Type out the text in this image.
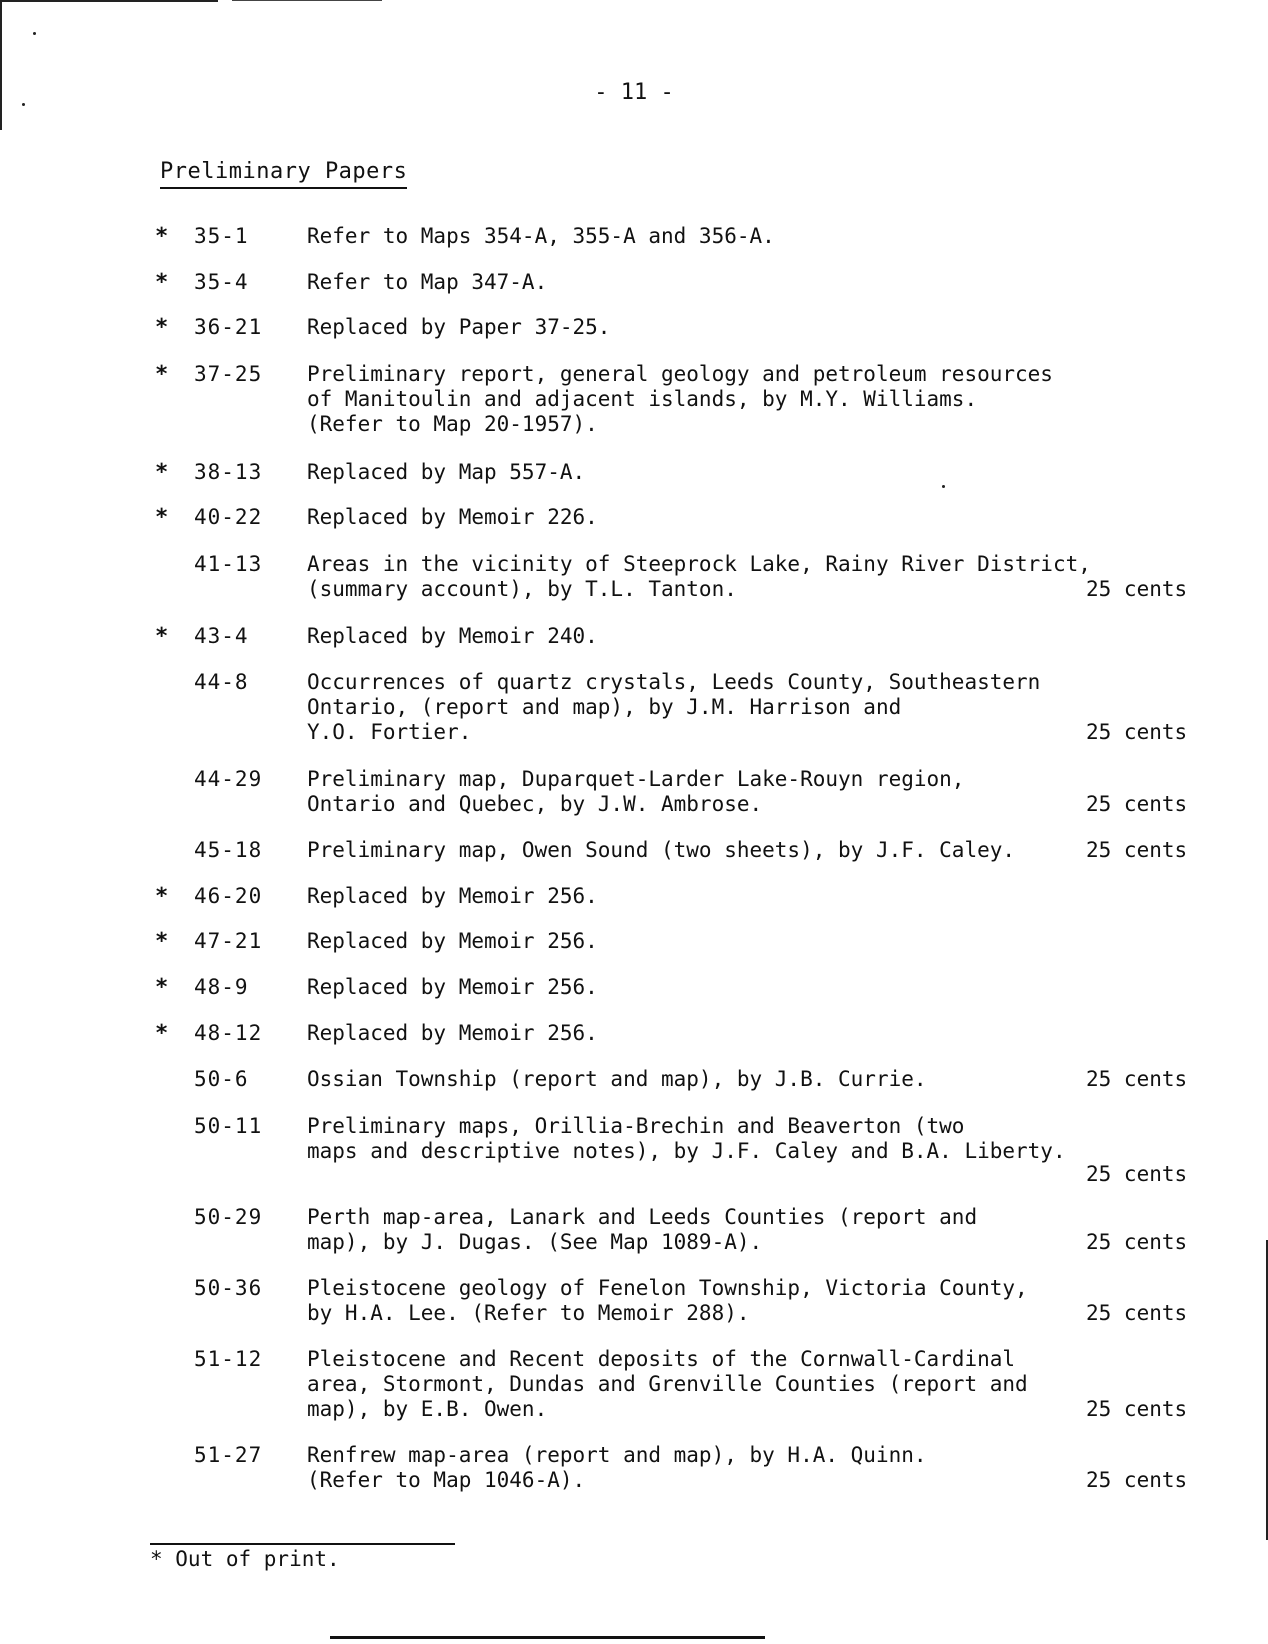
- 11 -
Preliminary Papers
* 35-1	Refer to Maps 354-A, 355-A and 356-A.
* 35-4	Refer to Map 347-A.
* 36-21 Replaced by Paper 37-25.
* 37-25 Preliminary report, general geology and petroleum resources
of Manitoulin and adjacent islands, by M.Y. Williams.
(Refer to Map 20-1957).
* 38-13 Replaced by Map 557-A.
* 40-22 Replaced by Memoir 226.
41-13 Areas in the vicinity of Steeprock Lake, Rainy River District,
(summary account), by T.L. Tanton.	25 cents
* 43-4	Replaced by Memoir 240.
44-8	Occurrences of quartz crystals, Leeds County, Southeastern
Ontario, (report and map), by J.M. Harrison and
Y.O. Fortier.	25 cents
44-29 Preliminary map, Duparquet-Larder Lake-Rouyn region,
Ontario and Quebec, by J.W. Ambrose.	25 cents
45-18 Preliminary map, Owen Sound (two sheets), by J.F. Caley.	25 cents
* 46-20 Replaced by Memoir 256.
* 47-21 Replaced by Memoir 256.
* 48-9	Replaced by Memoir 256.
* 48-12 Replaced by Memoir 256.
50-6	Ossian Township (report and map), by J.B. Currie.	25 cents
50-11 Preliminary maps, Orillia-Brechin and Beaverton (two
maps and descriptive notes), by J.F. Caley and B.A. Liberty.
25 cents
50-29 Perth map-area, Lanark and Leeds Counties (report and
map), by J. Dugas. (See Map 1089-A).	25 cents
50-36 Pleistocene geology of Fenelon Township, Victoria County,
by H.A. Lee. (Refer to Memoir 288).	25 cents
51-12 Pleistocene and Recent deposits of the Cornwall-Cardinal
area, Stormont, Dundas and Grenville Counties (report and
map), by E.B. Owen.	25 cents
51-27 Renfrew map-area (report and map), by H.A. Quinn.
(Refer to Map 1046-A).	25 cents
* Out of print.
